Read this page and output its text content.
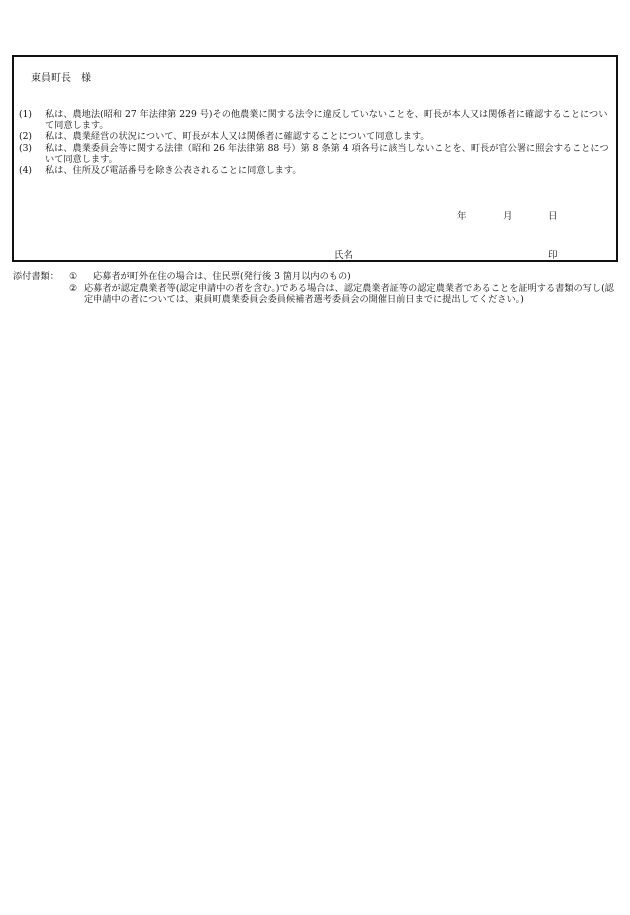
東員町長　様
(1)	私は、農地法(昭和 27 年法律第 229 号)その他農業に関する法令に違反していないことを、町長が本人又は関係者に確認することについて同意します。
(2)	私は、農業経営の状況について、町長が本人又は関係者に確認することについて同意します。
(3)	私は、農業委員会等に関する法律（昭和 26 年法律第 88 号）第 8 条第 4 項各号に該当しないことを、町長が官公署に照会することについて同意します。
(4)	私は、住所及び電話番号を除き公表されることに同意します。
年	月	日
氏名	印
添付書類：	①	応募者が町外在住の場合は、住民票(発行後 3 箇月以内のもの)
② 応募者が認定農業者等(認定申請中の者を含む。)である場合は、認定農業者証等の認定農業者であることを証明する書類の写し(認定申請中の者については、東員町農業委員会委員候補者選考委員会の開催日前日までに提出してください。)
